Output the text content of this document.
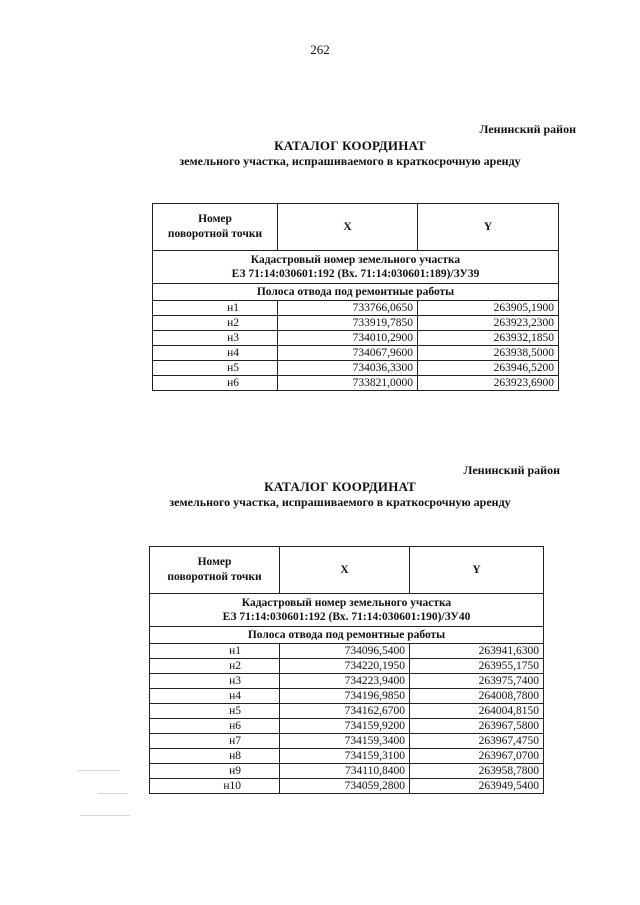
262
Ленинский район
КАТАЛОГ КООРДИНАТ
земельного участка, испрашиваемого в краткосрочную аренду
Номер
поворотной точки	X	Y

Кадастровый номер земельного участка
ЕЗ 71:14:030601:192 (Вх. 71:14:030601:189)/ЗУ39		

Полоса отвода под ремонтные работы		
н1	733766,0650	263905,1900
н2	733919,7850	263923,2300
н3	734010,2900	263932,1850
н4	734067,9600	263938,5000
н5	734036,3300	263946,5200
н6	733821,0000	263923,6900
Ленинский район
КАТАЛОГ КООРДИНАТ
земельного участка, испрашиваемого в краткосрочную аренду
Номер
поворотной точки	X	Y

Кадастровый номер земельного участка
ЕЗ 71:14:030601:192 (Вх. 71:14:030601:190)/ЗУ40		

Полоса отвода под ремонтные работы		
н1	734096,5400	263941,6300
н2	734220,1950	263955,1750
н3	734223,9400	263975,7400
н4	734196,9850	264008,7800
н5	734162,6700	264004,8150
н6	734159,9200	263967,5800
н7	734159,3400	263967,4750
н8	734159,3100	263967,0700
н9	734110,8400	263958,7800
н10	734059,2800	263949,5400
